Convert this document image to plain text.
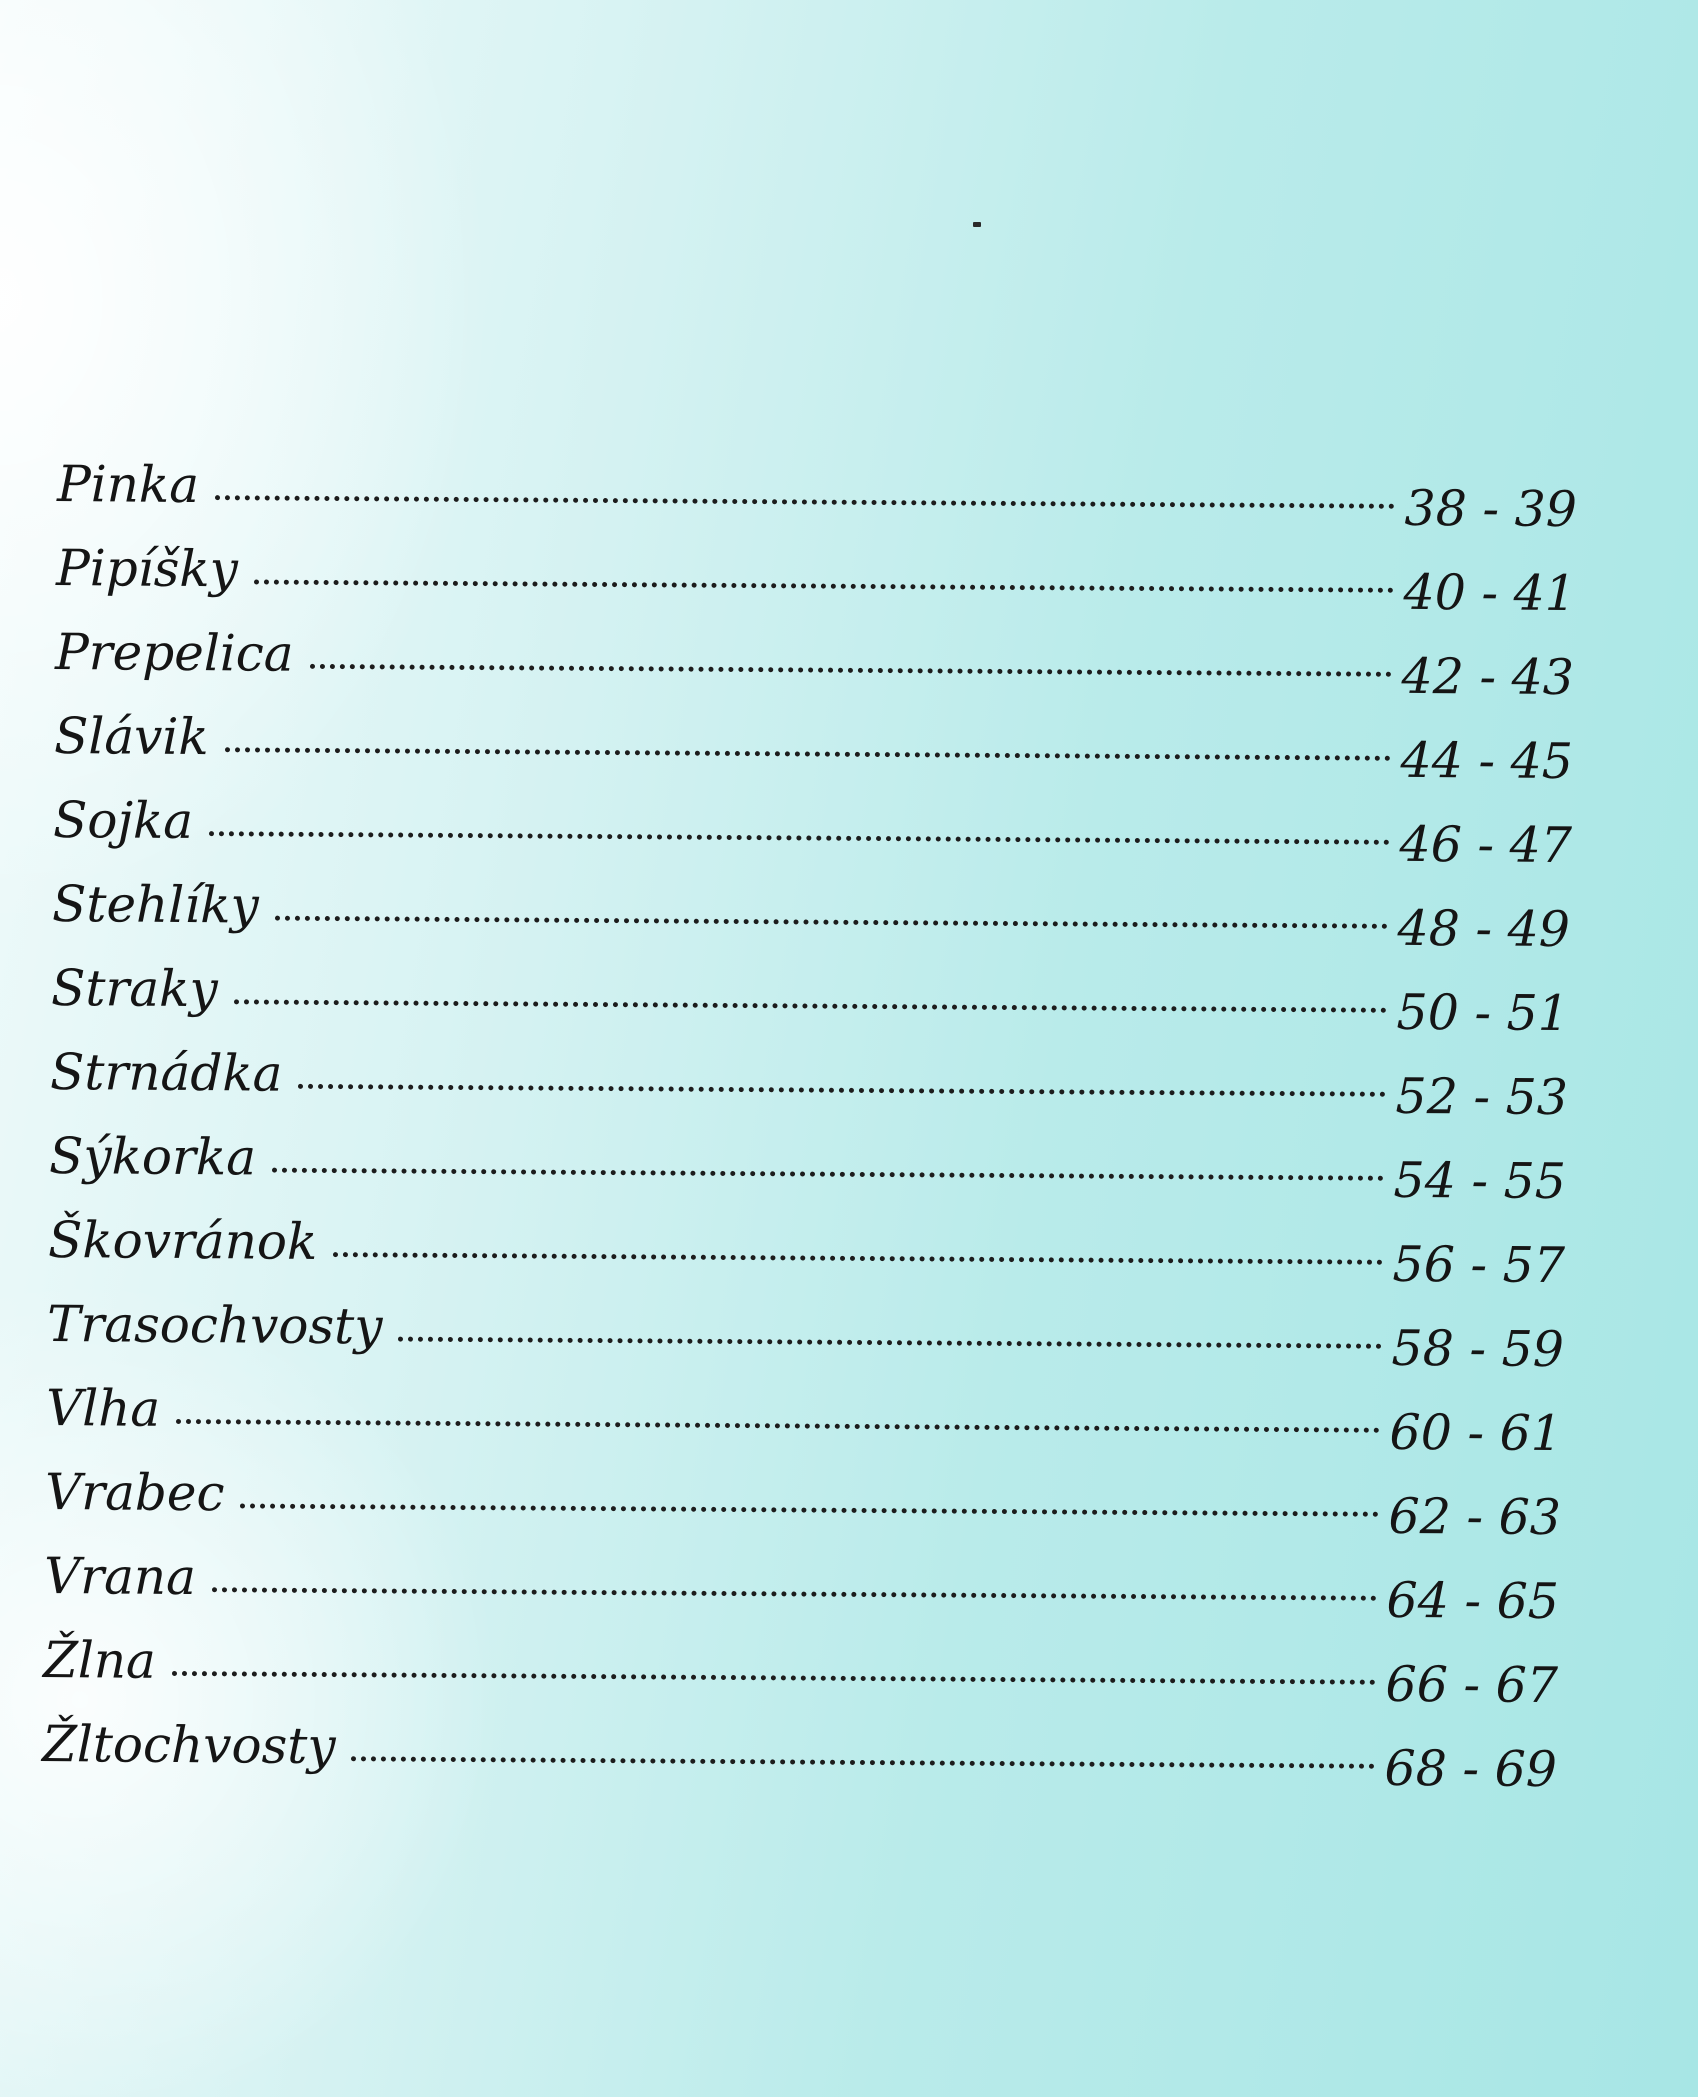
Pinka	38 - 39
Pipíšky	40 - 41
Prepelica	42 - 43
Slávik	44 - 45
Sojka	46 - 47
Stehlíky	48 - 49
Straky	50 - 51
Strnádka	52 - 53
Sýkorka	54 - 55
Škovránok	56 - 57
Trasochvosty	58 - 59
Vlha	60 - 61
Vrabec	62 - 63
Vrana	64 - 65
Žlna	66 - 67
Žltochvosty	68 - 69
